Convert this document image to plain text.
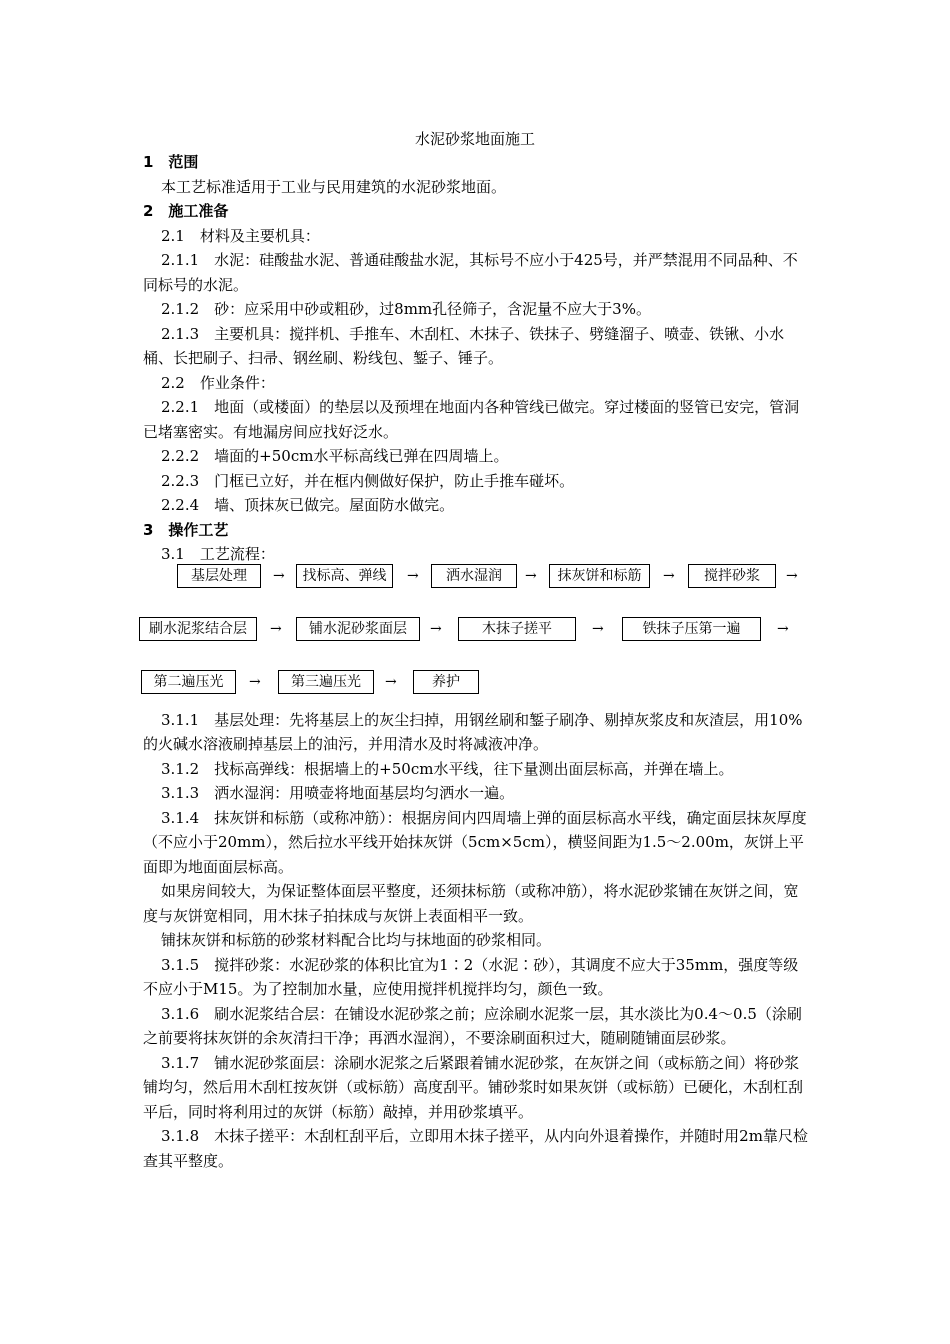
水泥砂浆地面施工

1　范围

本工艺标准适用于工业与民用建筑的水泥砂浆地面。

2　施工准备

2.1　材料及主要机具：

2.1.1　水泥：硅酸盐水泥、普通硅酸盐水泥，其标号不应小于425号，并严禁混用不同品种、不同标号的水泥。

2.1.2　砂：应采用中砂或粗砂，过8mm孔径筛子，含泥量不应大于3%。

2.1.3　主要机具：搅拌机、手推车、木刮杠、木抹子、铁抹子、劈缝溜子、喷壶、铁锹、小水桶、长把刷子、扫帚、钢丝刷、粉线包、錾子、锤子。

2.2　作业条件：

2.2.1　地面（或楼面）的垫层以及预埋在地面内各种管线已做完。穿过楼面的竖管已安完，管洞已堵塞密实。有地漏房间应找好泛水。

2.2.2　墙面的+50cm水平标高线已弹在四周墙上。

2.2.3　门框已立好，并在框内侧做好保护，防止手推车碰坏。

2.2.4　墙、顶抹灰已做完。屋面防水做完。

3　操作工艺

3.1　工艺流程：

基层处理	→	找标高、弹线	→	洒水湿润	→	抹灰饼和标筋	→	搅拌砂浆	→
刷水泥浆结合层	→	铺水泥砂浆面层	→	木抹子搓平	→	铁抹子压第一遍	→
第二遍压光	→	第三遍压光	→	养护

3.1.1　基层处理：先将基层上的灰尘扫掉，用钢丝刷和錾子刷净、剔掉灰浆皮和灰渣层，用10%的火碱水溶液刷掉基层上的油污，并用清水及时将减液冲净。

3.1.2　找标高弹线：根据墙上的+50cm水平线，往下量测出面层标高，并弹在墙上。

3.1.3　洒水湿润：用喷壶将地面基层均匀洒水一遍。

3.1.4　抹灰饼和标筋（或称冲筋）：根据房间内四周墙上弹的面层标高水平线，确定面层抹灰厚度（不应小于20mm），然后拉水平线开始抹灰饼（5cm×5cm），横竖间距为1.5～2.00m，灰饼上平面即为地面面层标高。

如果房间较大，为保证整体面层平整度，还须抹标筋（或称冲筋），将水泥砂浆铺在灰饼之间，宽度与灰饼宽相同，用木抹子拍抹成与灰饼上表面相平一致。

铺抹灰饼和标筋的砂浆材料配合比均与抹地面的砂浆相同。

3.1.5　搅拌砂浆：水泥砂浆的体积比宜为1∶2（水泥∶砂），其调度不应大于35mm，强度等级不应小于M15。为了控制加水量，应使用搅拌机搅拌均匀，颜色一致。

3.1.6　刷水泥浆结合层：在铺设水泥砂浆之前；应涂刷水泥浆一层，其水淡比为0.4～0.5（涂刷之前要将抹灰饼的余灰清扫干净；再洒水湿润），不要涂刷面积过大，随刷随铺面层砂浆。

3.1.7　铺水泥砂浆面层：涂刷水泥浆之后紧跟着铺水泥砂浆，在灰饼之间（或标筋之间）将砂浆铺均匀，然后用木刮杠按灰饼（或标筋）高度刮平。铺砂浆时如果灰饼（或标筋）已硬化，木刮杠刮平后，同时将利用过的灰饼（标筋）敲掉，并用砂浆填平。

3.1.8　木抹子搓平：木刮杠刮平后，立即用木抹子搓平，从内向外退着操作，并随时用2m靠尺检查其平整度。
